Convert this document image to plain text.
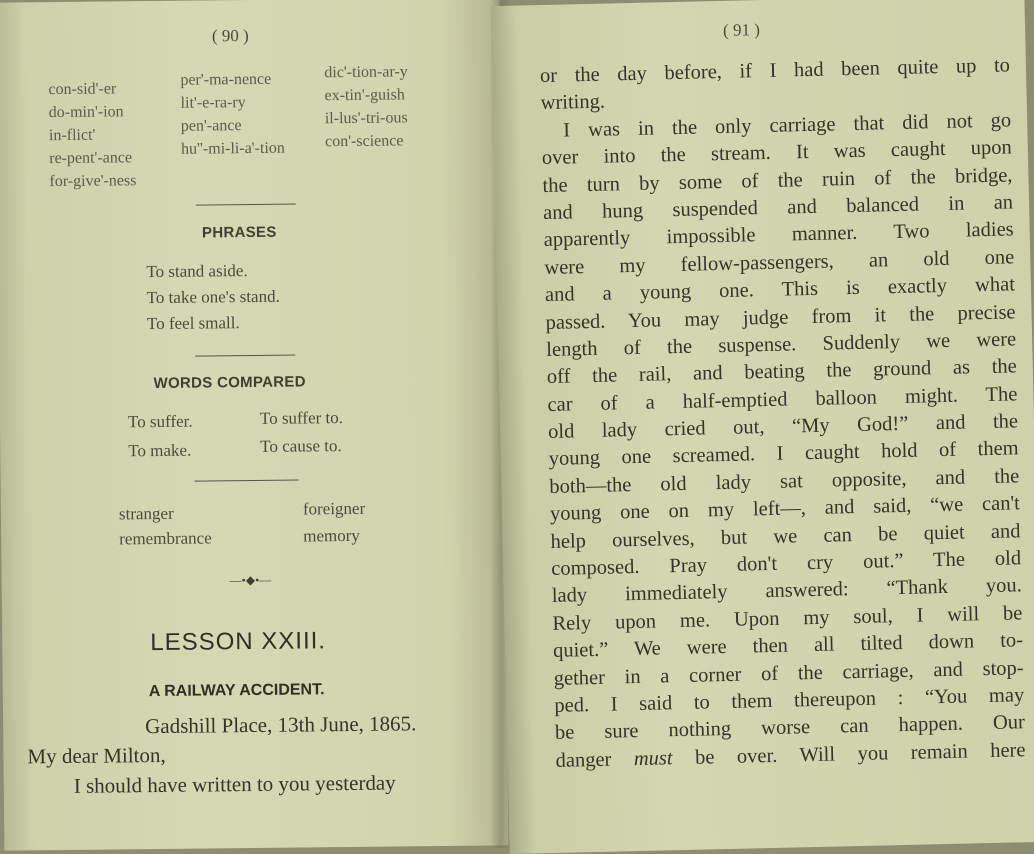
( 90 )
con-sid'-er
do-min'-ion
in-flict'
re-pent'-ance
for-give'-ness
per'-ma-nence
lit'-e-ra-ry
pen'-ance
hu''-mi-li-a'-tion
dic'-tion-ar-y
ex-tin'-guish
il-lus'-tri-ous
con'-science
PHRASES
To stand aside.
To take one's stand.
To feel small.
WORDS COMPARED
To suffer.	To suffer to.
To make.	To cause to.
stranger	foreigner
remembrance	memory
—•◆•—
LESSON XXIII.
A RAILWAY ACCIDENT.
Gadshill Place, 13th June, 1865.
My dear Milton,
I should have written to you yesterday
( 91 )
or the day before, if I had been quite up to
writing.
I was in the only carriage that did not go
over into the stream. It was caught upon
the turn by some of the ruin of the bridge,
and hung suspended and balanced in an
apparently impossible manner. Two ladies
were my fellow-passengers, an old one
and a young one. This is exactly what
passed. You may judge from it the precise
length of the suspense. Suddenly we were
off the rail, and beating the ground as the
car of a half-emptied balloon might. The
old lady cried out, “My God!” and the
young one screamed. I caught hold of them
both—the old lady sat opposite, and the
young one on my left—, and said, “we can't
help ourselves, but we can be quiet and
composed. Pray don't cry out.” The old
lady immediately answered: “Thank you.
Rely upon me. Upon my soul, I will be
quiet.” We were then all tilted down to-
gether in a corner of the carriage, and stop-
ped. I said to them thereupon : “You may
be sure nothing worse can happen. Our
danger must be over. Will you remain here
